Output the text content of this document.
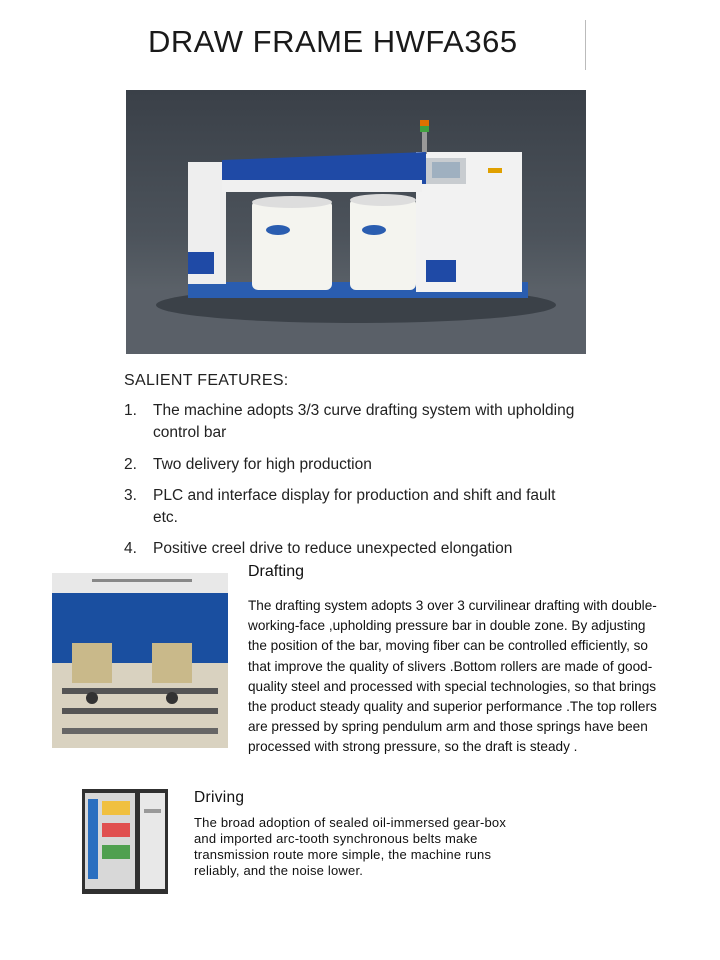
DRAW FRAME HWFA365
SALIENT FEATURES:
1. The machine adopts 3/3 curve drafting system with upholding control bar
2. Two delivery for high production
3. PLC and interface display for production and shift and fault etc.
4. Positive creel drive to reduce unexpected elongation
Drafting
The drafting system adopts 3 over 3 curvilinear drafting with double-working-face ,upholding pressure bar in double zone. By adjusting the position of the bar, moving fiber can be controlled efficiently, so that improve the quality of slivers .Bottom rollers are made of good-quality steel and processed with special technologies, so that brings the product steady quality and superior performance .The top rollers are pressed by spring pendulum arm and those springs have been processed with strong pressure, so the draft is steady .
Driving
The broad adoption of sealed oil-immersed gear-box and imported arc-tooth synchronous belts make transmission route more simple, the machine runs reliably, and the noise lower.
